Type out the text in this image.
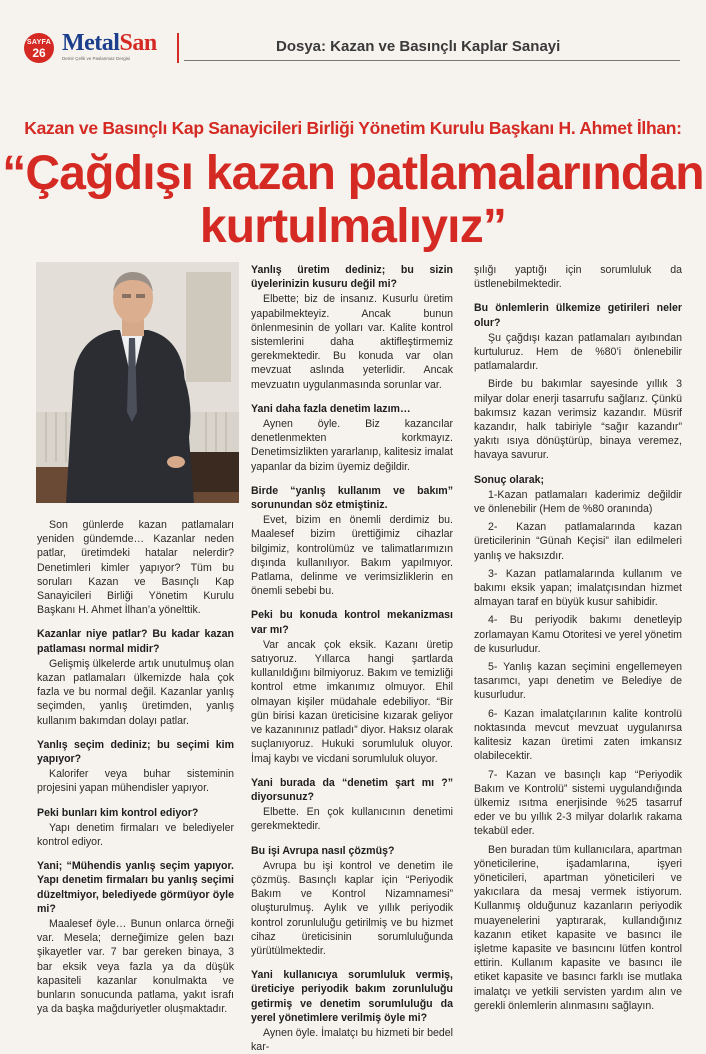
SAYFA
26 MetalSan
Demir Çelik ve Paslanmaz Dergisi
Dosya: Kazan ve Basınçlı Kaplar Sanayi
Kazan ve Basınçlı Kap Sanayicileri Birliği Yönetim Kurulu Başkanı H. Ahmet İlhan:
“Çağdışı kazan patlamalarından
kurtulmalıyız”

Son günlerde kazan patlamaları yeniden gündemde… Kazanlar neden patlar, üretimdeki hatalar nelerdir? Denetimleri kimler yapıyor? Tüm bu soruları Kazan ve Basınçlı Kap Sanayicileri Birliği Yönetim Kurulu Başkanı H. Ahmet İlhan’a yönelttik.

Kazanlar niye patlar? Bu kadar kazan patlaması normal midir?

Gelişmiş ülkelerde artık unutulmuş olan kazan patlamaları ülkemizde hala çok fazla ve bu normal değil. Kazanlar yanlış seçimden, yanlış üretimden, yanlış kullanım bakımdan dolayı patlar.

Yanlış seçim dediniz; bu seçimi kim yapıyor?

Kalorifer veya buhar sisteminin projesini yapan mühendisler yapıyor.

Peki bunları kim kontrol ediyor?

Yapı denetim firmaları ve belediyeler kontrol ediyor.

Yani; “Mühendis yanlış seçim yapıyor. Yapı denetim firmaları bu yanlış seçimi düzeltmiyor, belediyede görmüyor öyle mi?

Maalesef öyle… Bunun onlarca örneği var. Mesela; derneğimize gelen bazı şikayetler var. 7 bar gereken binaya, 3 bar eksik veya fazla ya da düşük kapasiteli kazanlar konulmakta ve bunların sonucunda patlama, yakıt israfı ya da başka mağduriyetler olușmaktadır.

Yanlış üretim dediniz; bu sizin üyelerinizin kusuru değil mi?

Elbette; biz de insanız. Kusurlu üretim yapabilmekteyiz. Ancak bunun önlenmesinin de yolları var. Kalite kontrol sistemlerini daha aktifleştirmemiz gerekmektedir. Bu konuda var olan mevzuat aslında yeterlidir. Ancak mevzuatın uygulanmasında sorunlar var.

Yani daha fazla denetim lazım…

Aynen öyle. Biz kazancılar denetlenmekten korkmayız. Denetimsizlikten yararlanıp, kalitesiz imalat yapanlar da bizim üyemiz değildir.

Birde “yanlış kullanım ve bakım” sorunundan söz etmiştiniz.

Evet, bizim en önemli derdimiz bu. Maalesef bizim ürettiğimiz cihazlar bilgimiz, kontrolümüz ve talimatlarımızın dışında kullanılıyor. Bakım yapılmıyor. Patlama, delinme ve verimsizliklerin en önemli sebebi bu.

Peki bu konuda kontrol mekanizması var mı?

Var ancak çok eksik. Kazanı üretip satıyoruz. Yıllarca hangi şartlarda kullanıldığını bilmiyoruz. Bakım ve temizliği kontrol etme imkanımız olmuyor. Ehil olmayan kişiler müdahale edebiliyor. “Bir gün birisi kazan üreticisine kızarak geliyor ve kazanınınız patladı” diyor. Haksız olarak suçlanıyoruz. Hukuki sorumluluk oluyor. İmaj kaybı ve vicdani sorumluluk oluyor.

Yani burada da “denetim şart mı ?” diyorsunuz?

Elbette. En çok kullanıcının denetimi gerekmektedir.

Bu işi Avrupa nasıl çözmüş?

Avrupa bu işi kontrol ve denetim ile çözmüş. Basınçlı kaplar için “Periyodik Bakım ve Kontrol Nizamnamesi” oluşturulmuş. Aylık ve yıllık periyodik kontrol zorunluluğu getirilmiş ve bu hizmet cihaz üreticisinin sorumluluğunda yürütülmektedir.

Yani kullanıcıya sorumluluk vermiş, üreticiye periyodik bakım zorunluluğu getirmiş ve denetim sorumluluğu da yerel yönetimlere verilmiş öyle mi?

Aynen öyle. İmalatçı bu hizmeti bir bedel kar-

şılığı yaptığı için sorumluluk da üstlenebilmektedir.

Bu önlemlerin ülkemize getirileri neler olur?

Şu çağdışı kazan patlamaları ayıbından kurtuluruz. Hem de %80’i önlenebilir patlamalardır.

Birde bu bakımlar sayesinde yıllık 3 milyar dolar enerji tasarrufu sağlarız. Çünkü bakımsız kazan verimsiz kazandır. Müsrif kazandır, halk tabiriyle “sağır kazandır” yakıtı ısıya dönüştürüp, binaya veremez, havaya savurur.

Sonuç olarak;

1-Kazan patlamaları kaderimiz değildir ve önlenebilir (Hem de %80 oranında)

2- Kazan patlamalarında kazan üreticilerinin “Günah Keçisi” ilan edilmeleri yanlış ve haksızdır.

3- Kazan patlamalarında kullanım ve bakımı eksik yapan; imalatçısından hizmet almayan taraf en büyük kusur sahibidir.

4- Bu periyodik bakımı denetleyip zorlamayan Kamu Otoritesi ve yerel yönetim de kusurludur.

5- Yanlış kazan seçimini engellemeyen tasarımcı, yapı denetim ve Belediye de kusurludur.

6- Kazan imalatçılarının kalite kontrolü noktasında mevcut mevzuat uygulanırsa kalitesiz kazan üretimi zaten imkansız olabilecektir.

7- Kazan ve basınçlı kap “Periyodik Bakım ve Kontrolü” sistemi uygulandığında ülkemiz ısıtma enerjisinde %25 tasarruf eder ve bu yıllık 2-3 milyar dolarlık rakama tekabül eder.

Ben buradan tüm kullanıcılara, apartman yöneticilerine, işadamlarına, işyeri yöneticileri, apartman yöneticileri ve yakıcılara da mesaj vermek istiyorum. Kullanmış olduğunuz kazanların periyodik muayenelerini yaptırarak, kullandığınız kazanın etiket kapasite ve basıncı ile işletme kapasite ve basıncını lütfen kontrol ettirin. Kullanım kapasite ve basıncı ile etiket kapasite ve basıncı farklı ise mutlaka imalatçı ve yetkili servisten yardım alın ve gerekli önlemlerin alınmasını sağlayın.
